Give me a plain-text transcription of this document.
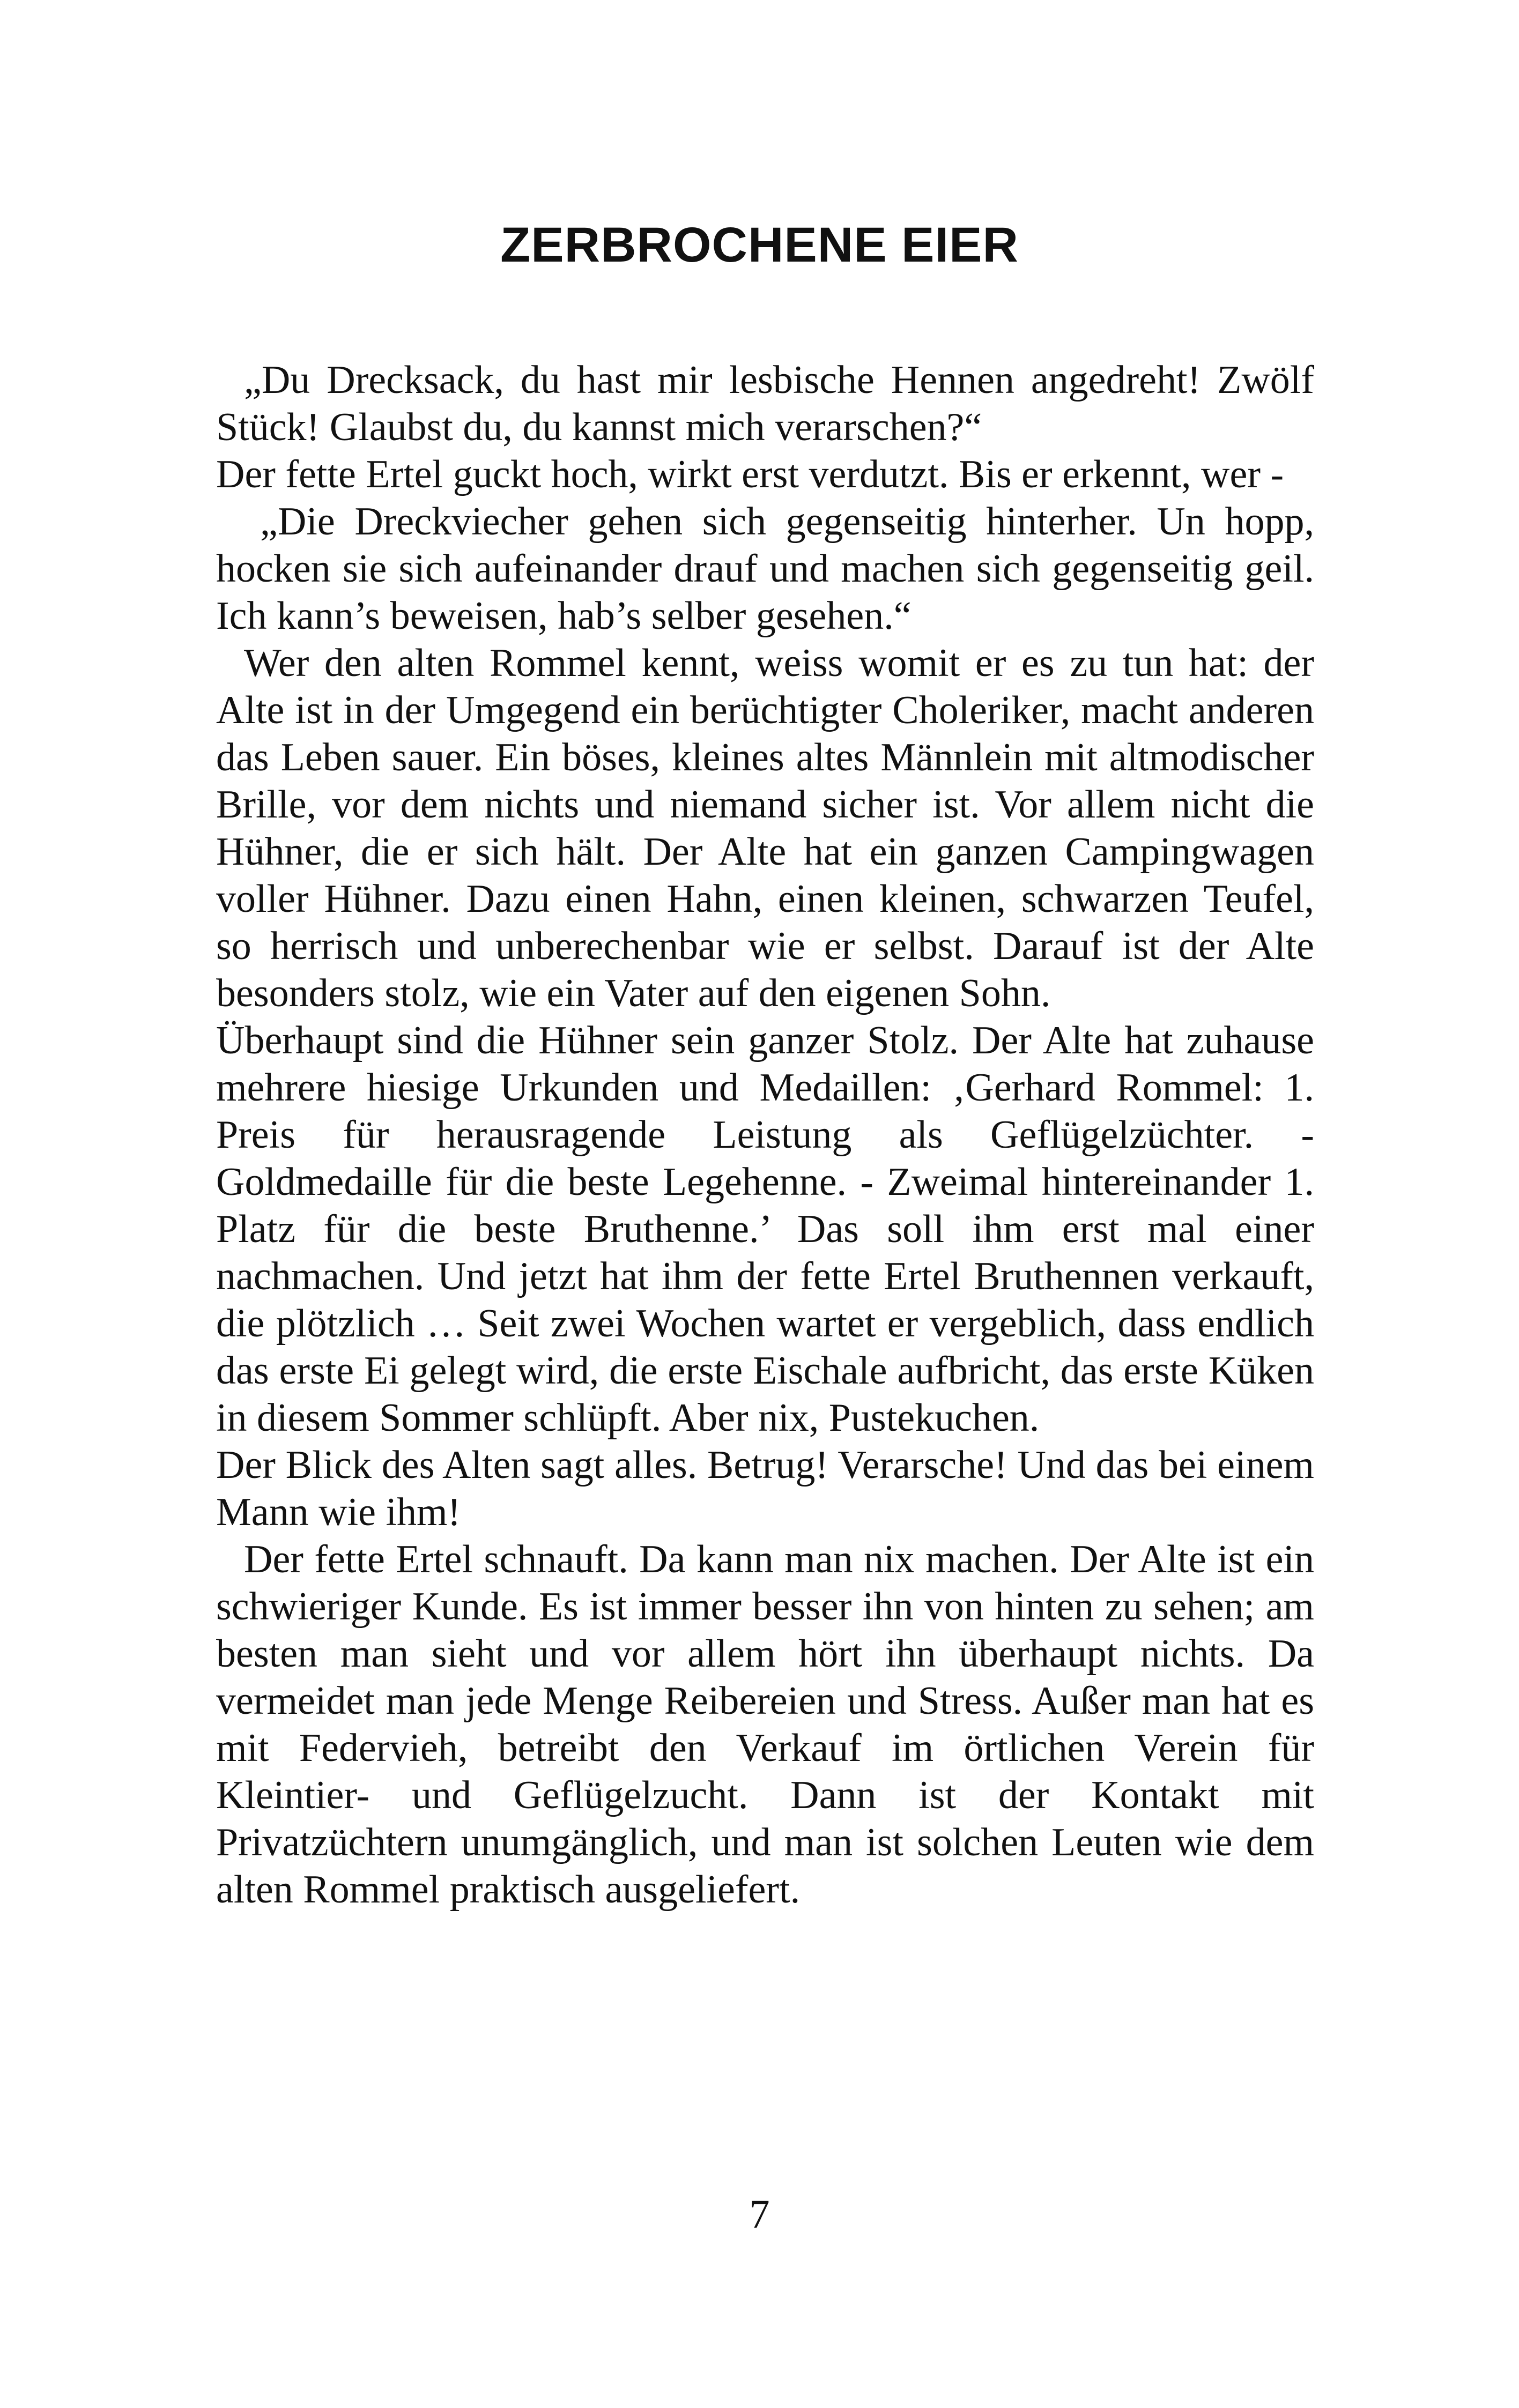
ZERBROCHENE EIER

„Du Drecksack, du hast mir lesbische Hennen angedreht! Zwölf Stück! Glaubst du, du kannst mich verarschen?“

Der fette Ertel guckt hoch, wirkt erst verdutzt. Bis er erkennt, wer -

„Die Dreckviecher gehen sich gegenseitig hinterher. Un hopp, hocken sie sich aufeinander drauf und machen sich gegenseitig geil. Ich kann’s beweisen, hab’s selber gesehen.“

Wer den alten Rommel kennt, weiss womit er es zu tun hat: der Alte ist in der Umgegend ein berüchtigter Choleriker, macht anderen das Leben sauer. Ein böses, kleines altes Männlein mit altmodischer Brille, vor dem nichts und niemand sicher ist. Vor allem nicht die Hühner, die er sich hält. Der Alte hat ein ganzen Campingwagen voller Hühner. Dazu einen Hahn, einen kleinen, schwarzen Teufel, so herrisch und unberechenbar wie er selbst. Darauf ist der Alte besonders stolz, wie ein Vater auf den eigenen Sohn.

Überhaupt sind die Hühner sein ganzer Stolz. Der Alte hat zuhause mehrere hiesige Urkunden und Medaillen: ‚Gerhard Rommel: 1. Preis für herausragende Leistung als Geflügelzüchter. - Goldmedaille für die beste Legehenne. - Zweimal hintereinander 1. Platz für die beste Bruthenne.’ Das soll ihm erst mal einer nachmachen. Und jetzt hat ihm der fette Ertel Bruthennen verkauft, die plötzlich … Seit zwei Wochen wartet er vergeblich, dass endlich das erste Ei gelegt wird, die erste Eischale aufbricht, das erste Küken in diesem Sommer schlüpft. Aber nix, Pustekuchen.

Der Blick des Alten sagt alles. Betrug! Verarsche! Und das bei einem Mann wie ihm!

Der fette Ertel schnauft. Da kann man nix machen. Der Alte ist ein schwieriger Kunde. Es ist immer besser ihn von hinten zu sehen; am besten man sieht und vor allem hört ihn überhaupt nichts. Da vermeidet man jede Menge Reibereien und Stress. Außer man hat es mit Federvieh, betreibt den Verkauf im örtlichen Verein für Kleintier- und Geflügelzucht. Dann ist der Kontakt mit Privatzüchtern unumgänglich, und man ist solchen Leuten wie dem alten Rommel praktisch ausgeliefert.

7
